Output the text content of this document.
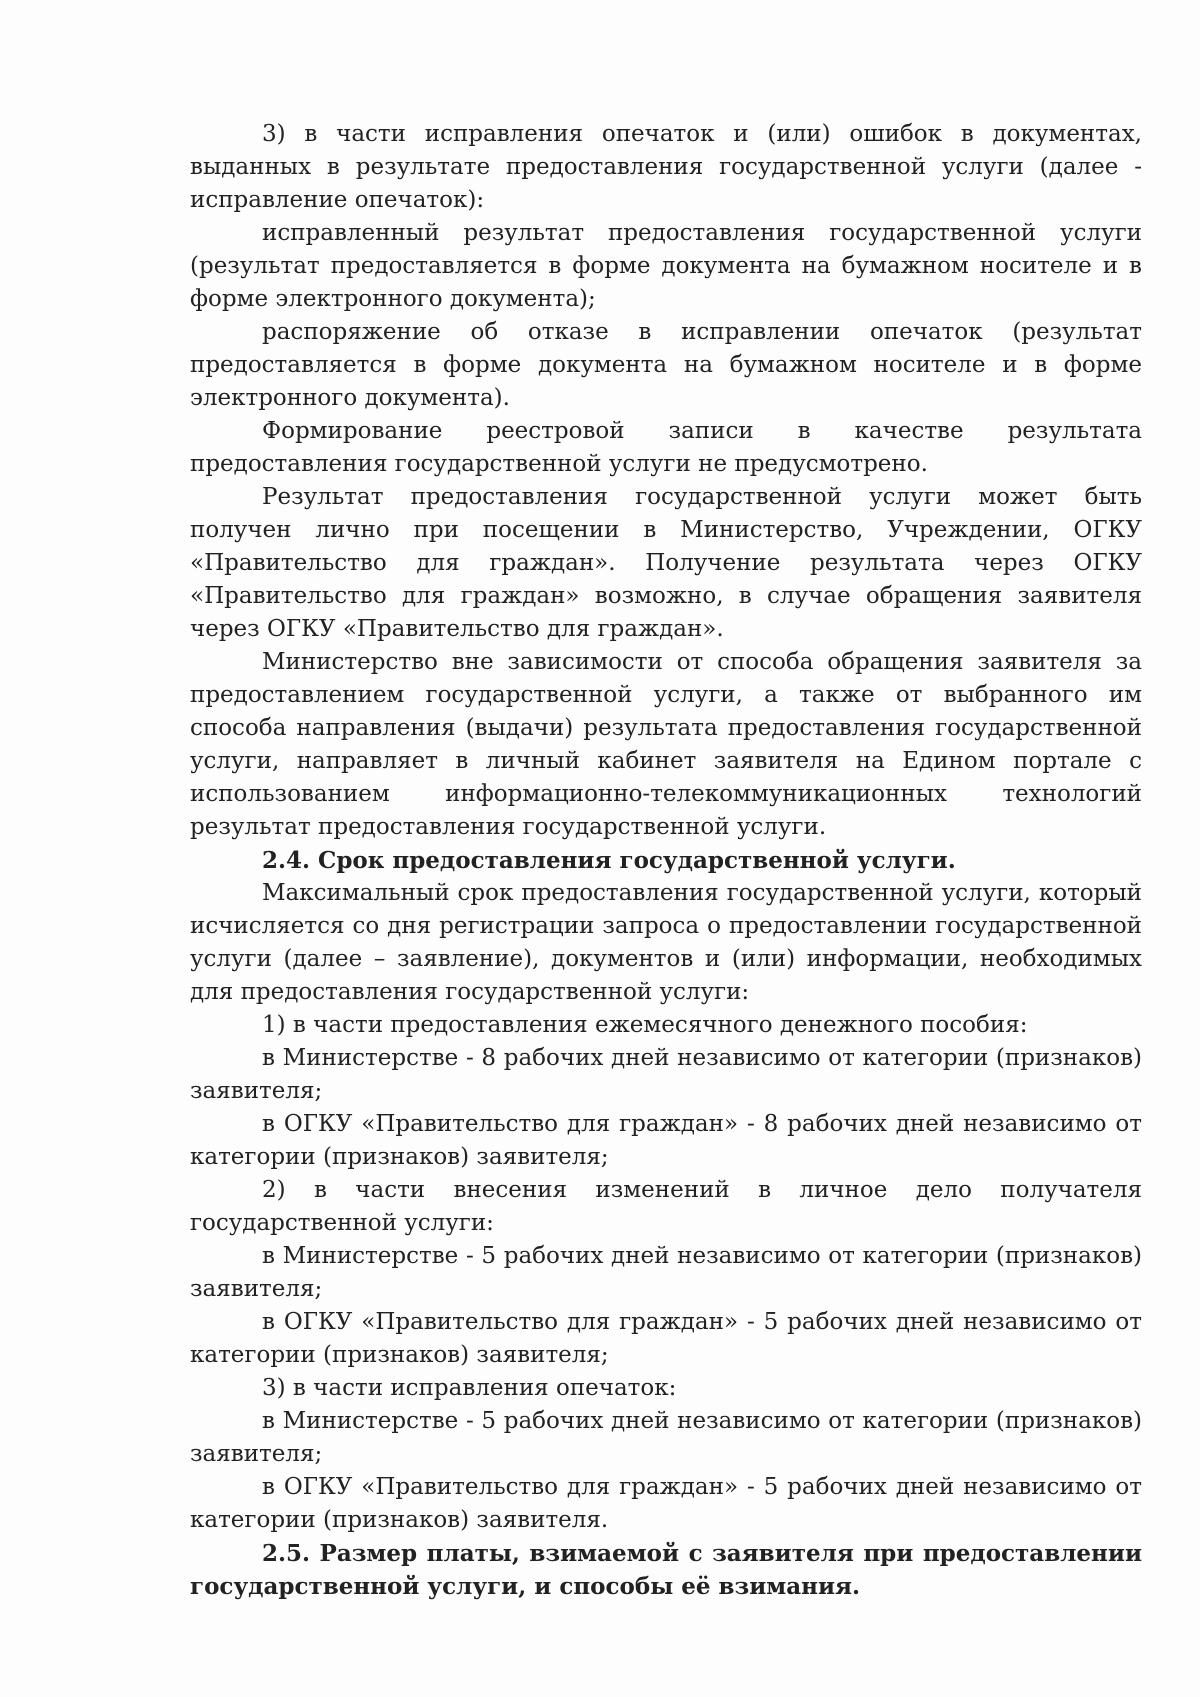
3) в части исправления опечаток и (или) ошибок в документах, выданных в результате предоставления государственной услуги (далее - исправление опечаток):

исправленный результат предоставления государственной услуги (результат предоставляется в форме документа на бумажном носителе и в форме электронного документа);

распоряжение об отказе в исправлении опечаток (результат предоставляется в форме документа на бумажном носителе и в форме электронного документа).

Формирование реестровой записи в качестве результата предоставления государственной услуги не предусмотрено.

Результат предоставления государственной услуги может быть получен лично при посещении в Министерство, Учреждении, ОГКУ «Правительство для граждан». Получение результата через ОГКУ «Правительство для граждан» возможно, в случае обращения заявителя через ОГКУ «Правительство для граждан».

Министерство вне зависимости от способа обращения заявителя за предоставлением государственной услуги, а также от выбранного им способа направления (выдачи) результата предоставления государственной услуги, направляет в личный кабинет заявителя на Едином портале с использованием информационно-телекоммуникационных технологий результат предоставления государственной услуги.

2.4. Срок предоставления государственной услуги.

Максимальный срок предоставления государственной услуги, который исчисляется со дня регистрации запроса о предоставлении государственной услуги (далее – заявление), документов и (или) информации, необходимых для предоставления государственной услуги:

1) в части предоставления ежемесячного денежного пособия:

в Министерстве - 8 рабочих дней независимо от категории (признаков) заявителя;

в ОГКУ «Правительство для граждан» - 8 рабочих дней независимо от категории (признаков) заявителя;

2) в части внесения изменений в личное дело получателя государственной услуги:

в Министерстве - 5 рабочих дней независимо от категории (признаков) заявителя;

в ОГКУ «Правительство для граждан» - 5 рабочих дней независимо от категории (признаков) заявителя;

3) в части исправления опечаток:

в Министерстве - 5 рабочих дней независимо от категории (признаков) заявителя;

в ОГКУ «Правительство для граждан» - 5 рабочих дней независимо от категории (признаков) заявителя.

2.5. Размер платы, взимаемой с заявителя при предоставлении государственной услуги, и способы её взимания.
